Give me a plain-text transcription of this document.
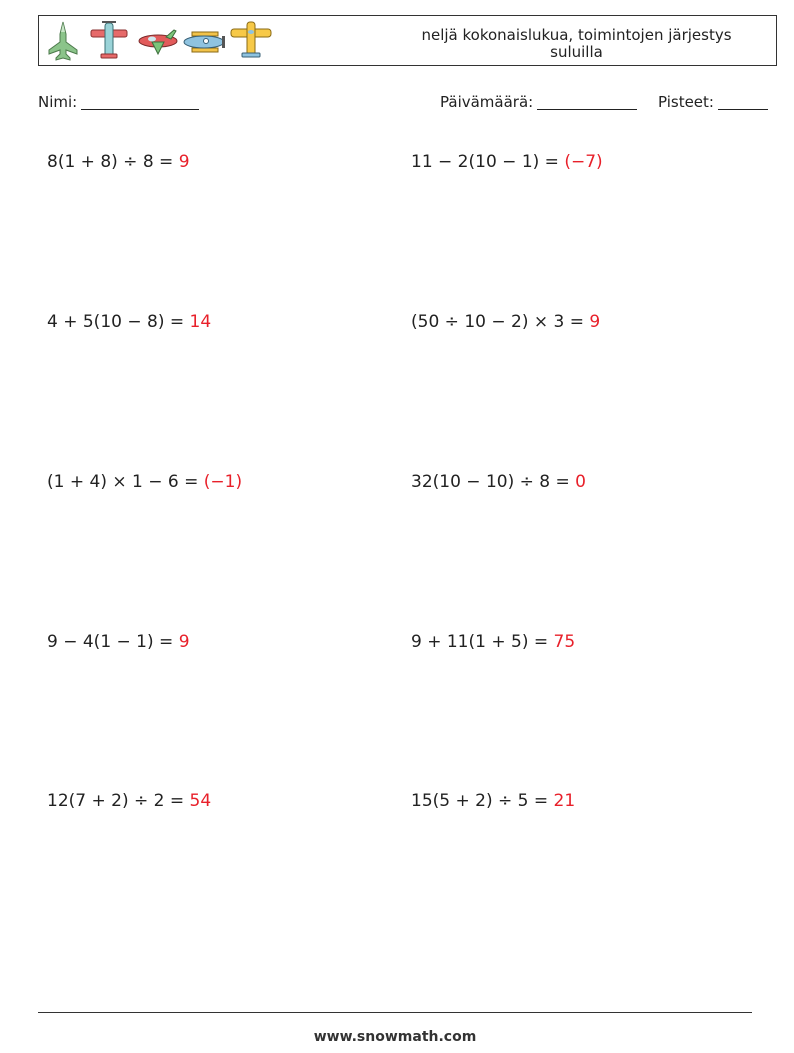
neljä kokonaislukua, toimintojen järjestys
suluilla
Nimi:	Päivämäärä:	Pisteet:
8(1 + 8) ÷ 8 = 9	11 − 2(10 − 1) = (−7)
4 + 5(10 − 8) = 14	(50 ÷ 10 − 2) × 3 = 9
(1 + 4) × 1 − 6 = (−1)	32(10 − 10) ÷ 8 = 0
9 − 4(1 − 1) = 9	9 + 11(1 + 5) = 75
12(7 + 2) ÷ 2 = 54	15(5 + 2) ÷ 5 = 21
www.snowmath.com
